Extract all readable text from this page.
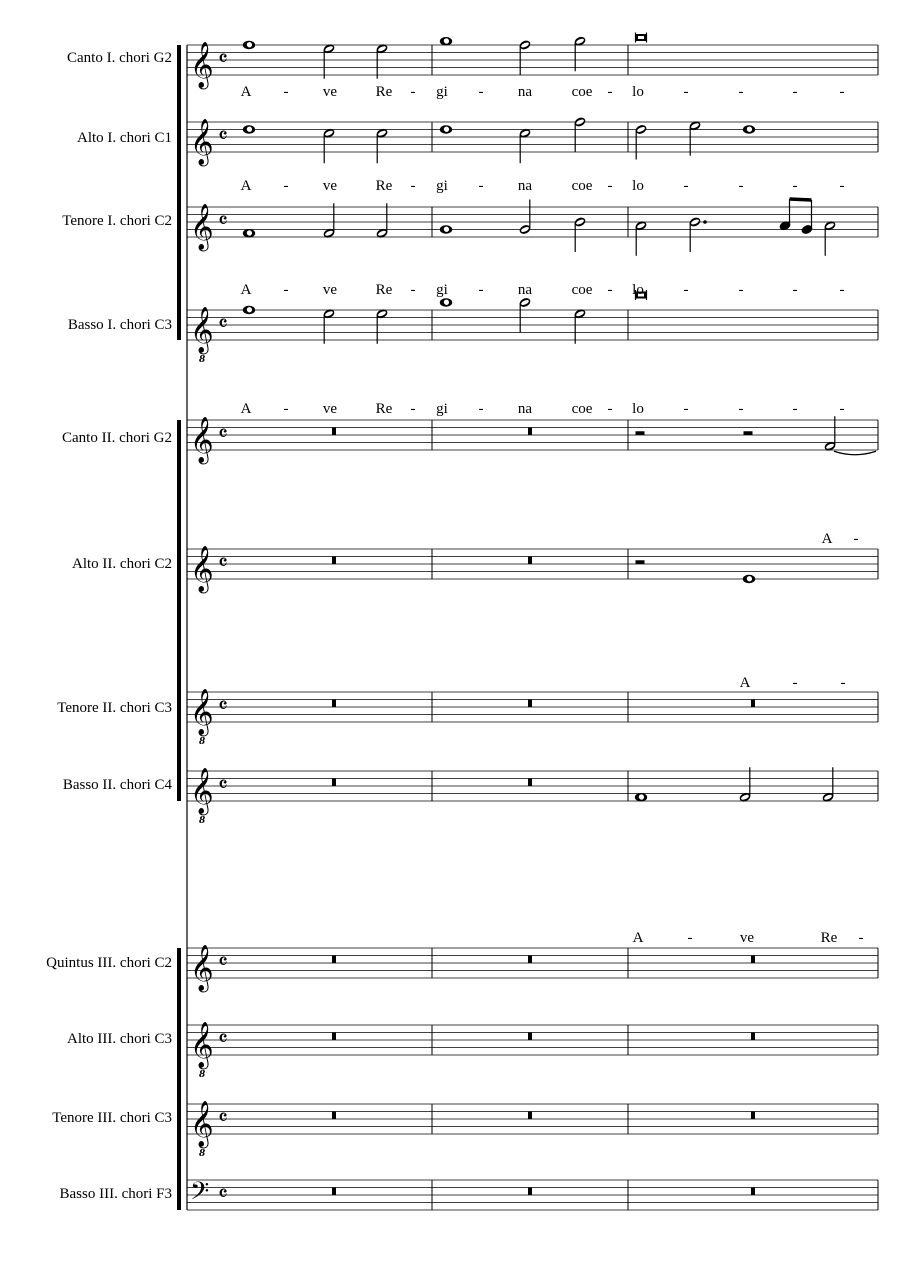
𝄞 𝄴
𝄞 𝄴
𝄞 𝄴
𝄞
8
𝄴
𝄞 𝄴
𝄞 𝄴
𝄞
8
𝄴
𝄞
8
𝄴
𝄞 𝄴
𝄞
8
𝄴
𝄞
8
𝄴
𝄢 𝄴
Canto I. chori G2
Alto I. chori C1
Tenore I. chori C2
Basso I. chori C3
Canto II. chori G2
Alto II. chori C2
Tenore II. chori C3
Basso II. chori C4
Quintus III. chori C2
Alto III. chori C3
Tenore III. chori C3
Basso III. chori F3
A - ve	Re - gi - na	coe - lo	-	-	-	-
A - ve	Re - gi - na	coe - lo	-	-	-	-
A - ve	Re - gi - na	coe - lo	-	-	-	-
A - ve	Re - gi - na	coe - lo	-	-	-	-
A -
A	-	-
A	-	ve	Re -
